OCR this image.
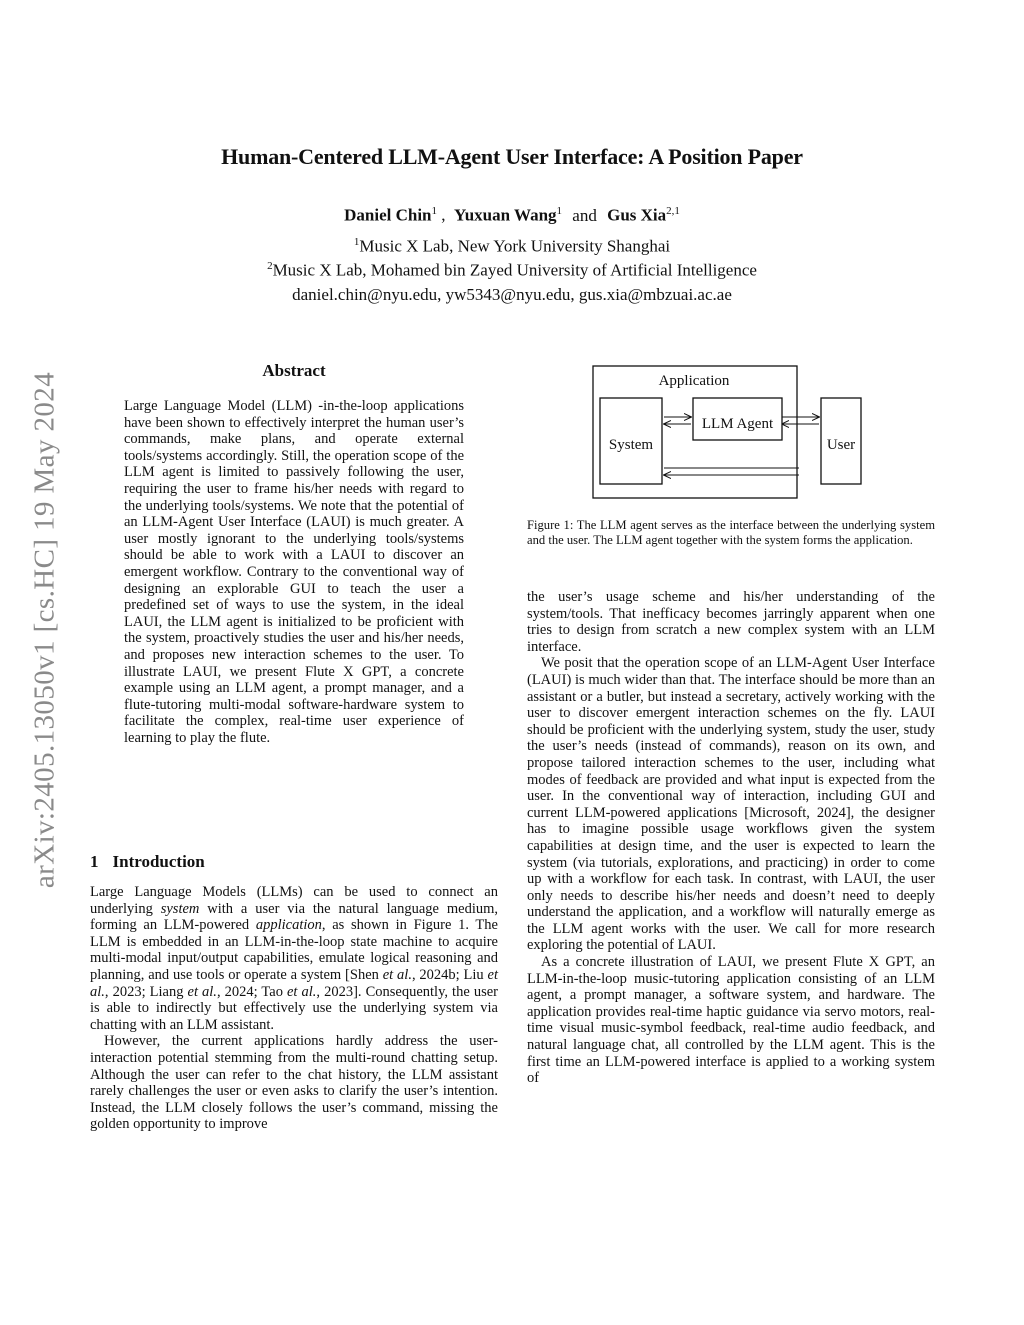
Human-Centered LLM-Agent User Interface: A Position Paper
Daniel Chin$^1$ , Yuxuan Wang$^1$ and Gus Xia$^{2,1}$
$^1$Music X Lab, New York University Shanghai
$^2$Music X Lab, Mohamed bin Zayed University of Artificial Intelligence
daniel.chin@nyu.edu, yw5343@nyu.edu, gus.xia@mbzuai.ac.ae
arXiv:2405.13050v1 [cs.HC] 19 May 2024
Abstract

Large Language Model (LLM) -in-the-loop applications have been shown to effectively interpret the human user’s commands, make plans, and operate external tools/systems accordingly. Still, the operation scope of the LLM agent is limited to passively following the user, requiring the user to frame his/her needs with regard to the underlying tools/systems. We note that the potential of an LLM-Agent User Interface (LAUI) is much greater. A user mostly ignorant to the underlying tools/systems should be able to work with a LAUI to discover an emergent workflow. Contrary to the conventional way of designing an explorable GUI to teach the user a predefined set of ways to use the system, in the ideal LAUI, the LLM agent is initialized to be proficient with the system, proactively studies the user and his/her needs, and proposes new interaction schemes to the user. To illustrate LAUI, we present Flute X GPT, a concrete example using an LLM agent, a prompt manager, and a flute-tutoring multi-modal software-hardware system to facilitate the complex, real-time user experience of learning to play the flute.

1 Introduction

Large Language Models (LLMs) can be used to connect an underlying system with a user via the natural language medium, forming an LLM-powered application, as shown in Figure 1. The LLM is embedded in an LLM-in-the-loop state machine to acquire multi-modal input/output capabilities, emulate logical reasoning and planning, and use tools or operate a system [Shen et al., 2024b; Liu et al., 2023; Liang et al., 2024; Tao et al., 2023]. Consequently, the user is able to indirectly but effectively use the underlying system via chatting with an LLM assistant.

However, the current applications hardly address the user-interaction potential stemming from the multi-round chatting setup. Although the user can refer to the chat history, the LLM assistant rarely challenges the user or even asks to clarify the user’s intention. Instead, the LLM closely follows the user’s command, missing the golden opportunity to improve

Application
System
LLM Agent
User
Figure 1: The LLM agent serves as the interface between the underlying system and the user. The LLM agent together with the system forms the application.

the user’s usage scheme and his/her understanding of the system/tools. That inefficacy becomes jarringly apparent when one tries to design from scratch a new complex system with an LLM interface.

We posit that the operation scope of an LLM-Agent User Interface (LAUI) is much wider than that. The interface should be more than an assistant or a butler, but instead a secretary, actively working with the user to discover emergent interaction schemes on the fly. LAUI should be proficient with the underlying system, study the user, study the user’s needs (instead of commands), reason on its own, and propose tailored interaction schemes to the user, including what modes of feedback are provided and what input is expected from the user. In the conventional way of interaction, including GUI and current LLM-powered applications [Microsoft, 2024], the designer has to imagine possible usage workflows given the system capabilities at design time, and the user is expected to learn the system (via tutorials, explorations, and practicing) in order to come up with a workflow for each task. In contrast, with LAUI, the user only needs to describe his/her needs and doesn’t need to deeply understand the application, and a workflow will naturally emerge as the LLM agent works with the user. We call for more research exploring the potential of LAUI.

As a concrete illustration of LAUI, we present Flute X GPT, an LLM-in-the-loop music-tutoring application consisting of an LLM agent, a prompt manager, a software system, and hardware. The application provides real-time haptic guidance via servo motors, real-time visual music-symbol feedback, real-time audio feedback, and natural language chat, all controlled by the LLM agent. This is the first time an LLM-powered interface is applied to a working system of
